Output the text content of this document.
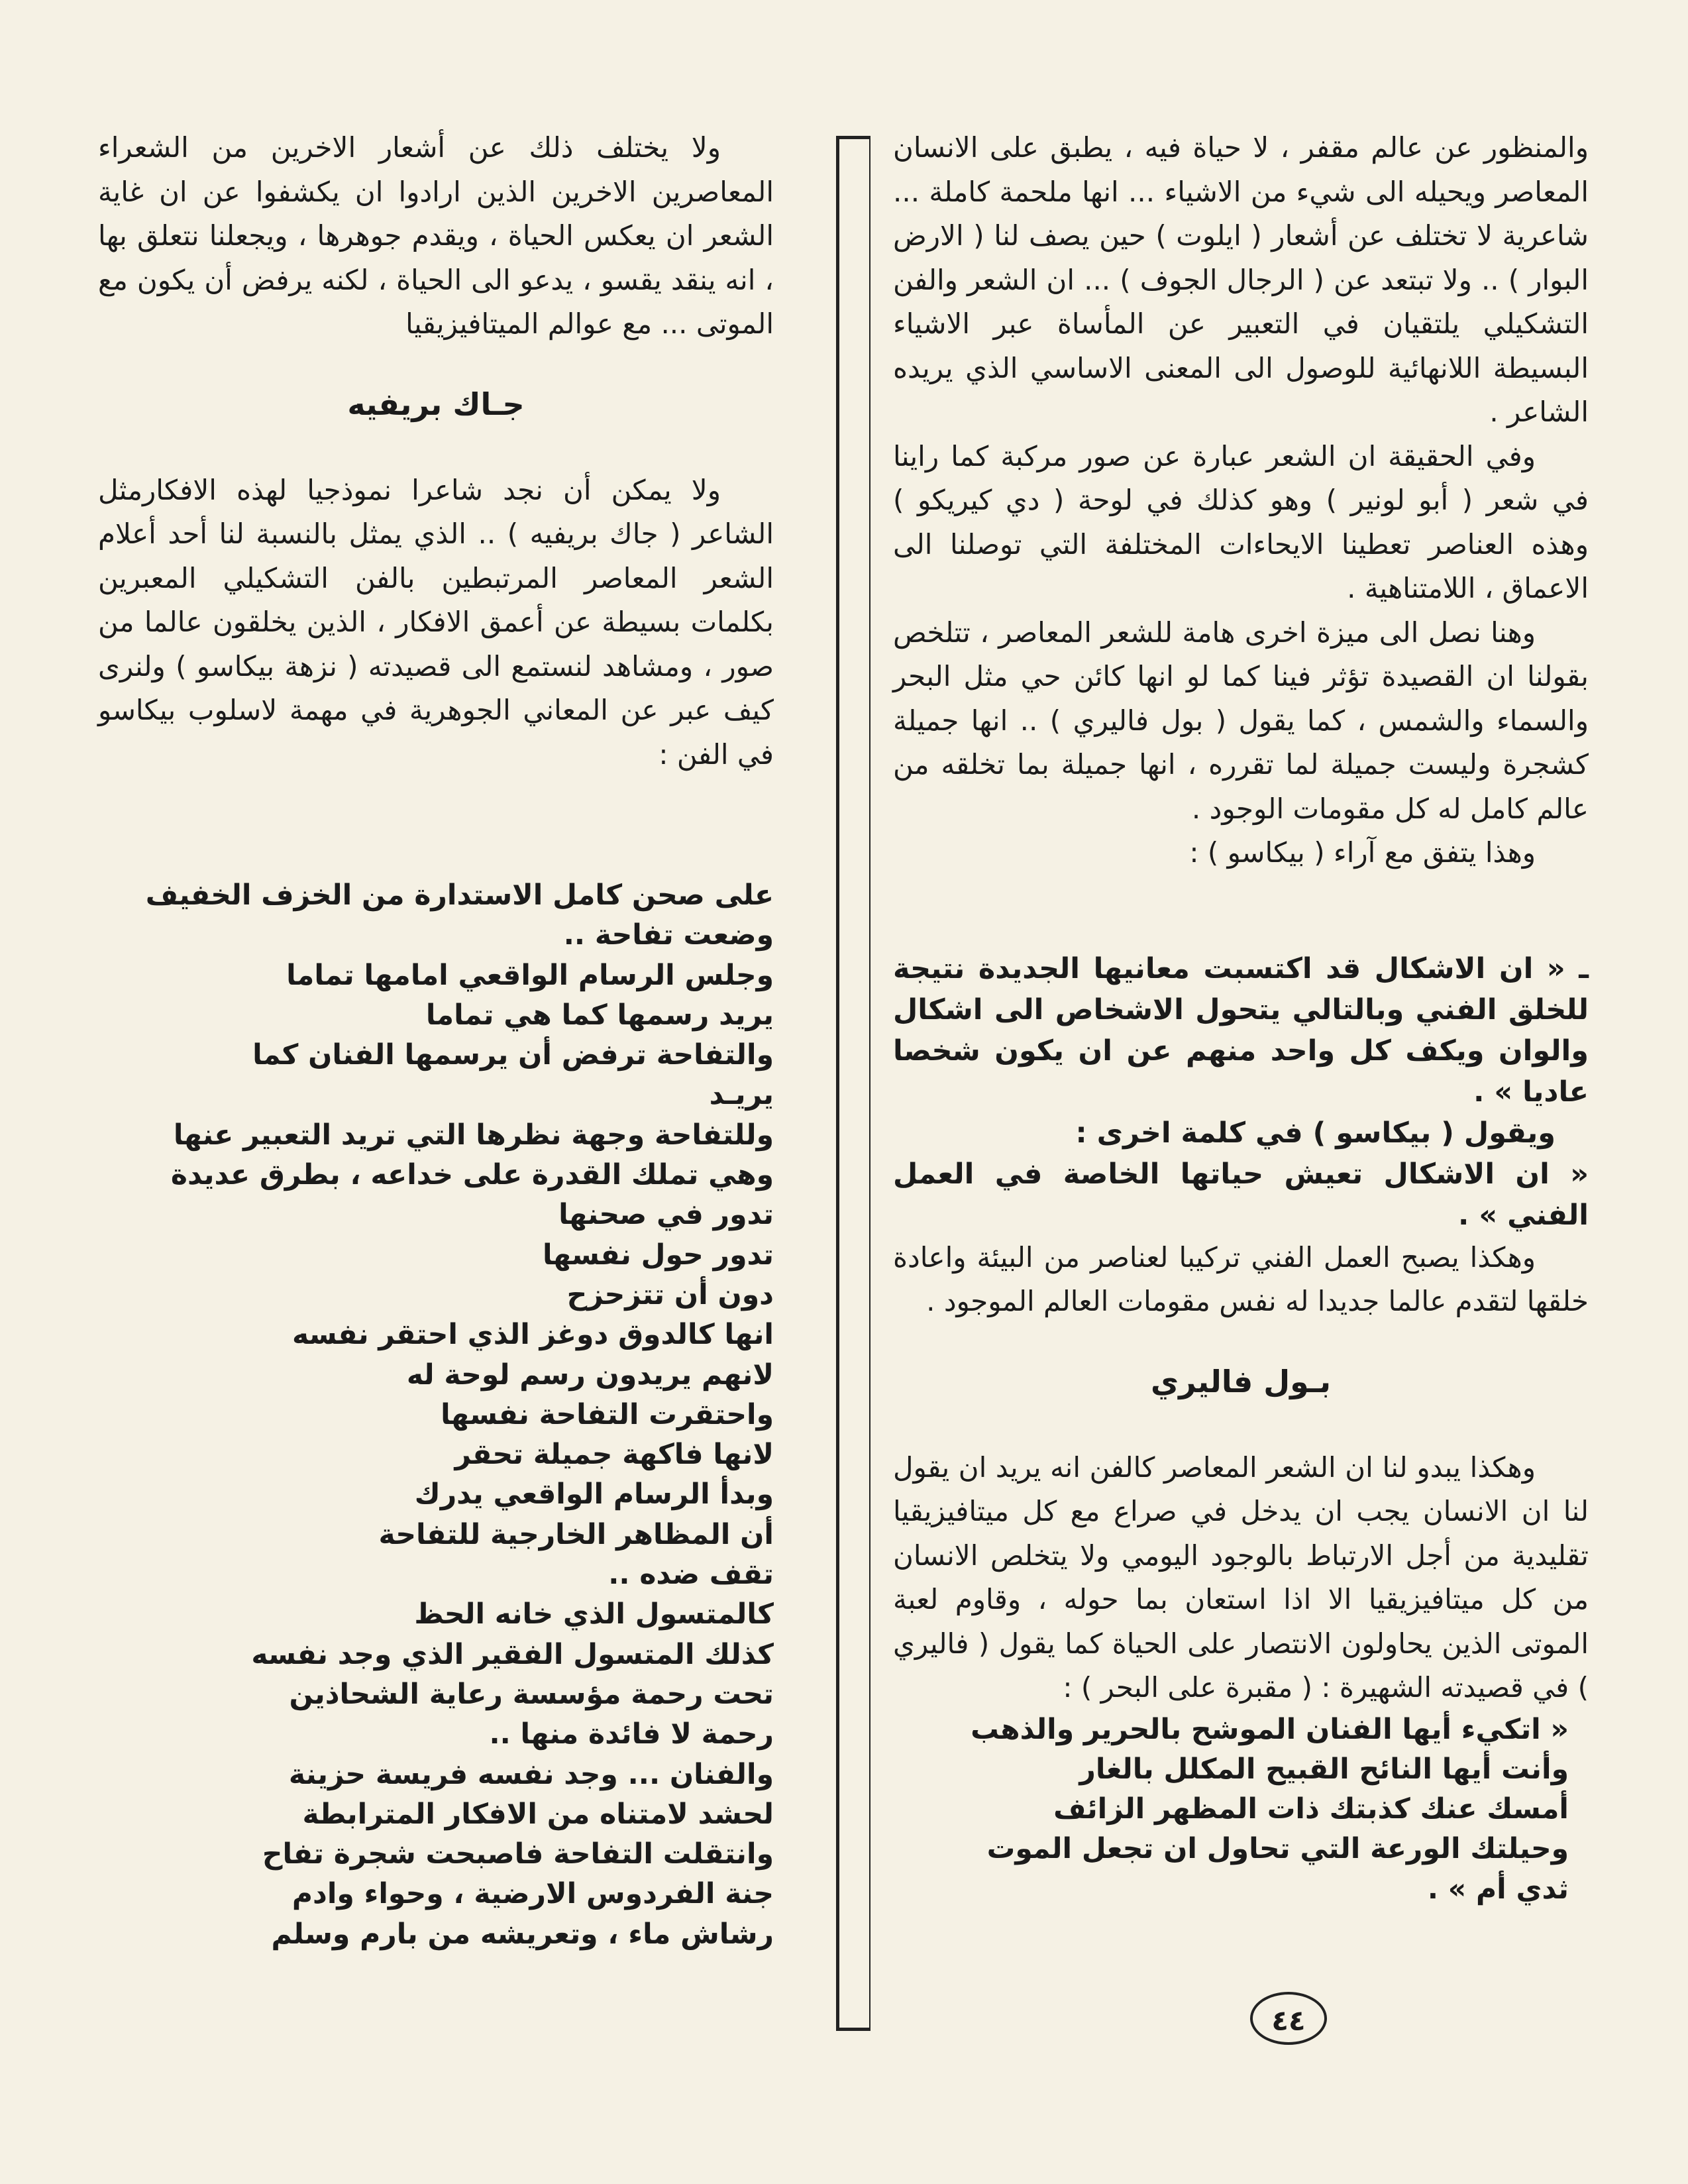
والمنظور عن عالم مقفر ، لا حياة فيه ، يطبق على الانسان المعاصر ويحيله الى شيء من الاشياء ... انها ملحمة كاملة ... شاعرية لا تختلف عن أشعار ( ايلوت ) حين يصف لنا ( الارض البوار ) .. ولا تبتعد عن ( الرجال الجوف ) ... ان الشعر والفن التشكيلي يلتقيان في التعبير عن المأساة عبر الاشياء البسيطة اللانهائية للوصول الى المعنى الاساسي الذي يريده الشاعر .

وفي الحقيقة ان الشعر عبارة عن صور مركبة كما راينا في شعر ( أبو لونير ) وهو كذلك في لوحة ( دي كيريكو ) وهذه العناصر تعطينا الايحاءات المختلفة التي توصلنا الى الاعماق ، اللامتناهية .

وهنا نصل الى ميزة اخرى هامة للشعر المعاصر ، تتلخص بقولنا ان القصيدة تؤثر فينا كما لو انها كائن حي مثل البحر والسماء والشمس ، كما يقول ( بول فاليري ) .. انها جميلة كشجرة وليست جميلة لما تقرره ، انها جميلة بما تخلقه من عالم كامل له كل مقومات الوجود .

وهذا يتفق مع آراء ( بيكاسو ) :

ـ « ان الاشكال قد اكتسبت معانيها الجديدة نتيجة للخلق الفني وبالتالي يتحول الاشخاص الى اشكال والوان ويكف كل واحد منهم عن ان يكون شخصا عاديا » .

ويقول ( بيكاسو ) في كلمة اخرى :

« ان الاشكال تعيش حياتها الخاصة في العمل الفني » .

وهكذا يصبح العمل الفني تركيبا لعناصر من البيئة واعادة خلقها لتقدم عالما جديدا له نفس مقومات العالم الموجود .

بـول فاليري

وهكذا يبدو لنا ان الشعر المعاصر كالفن انه يريد ان يقول لنا ان الانسان يجب ان يدخل في صراع مع كل ميتافيزيقيا تقليدية من أجل الارتباط بالوجود اليومي ولا يتخلص الانسان من كل ميتافيزيقيا الا اذا استعان بما حوله ، وقاوم لعبة الموتى الذين يحاولون الانتصار على الحياة كما يقول ( فاليري ) في قصيدته الشهيرة : ( مقبرة على البحر ) :

« اتكيء أيها الفنان الموشح بالحرير والذهب

وأنت أيها النائح القبيح المكلل بالغار

أمسك عنك كذبتك ذات المظهر الزائف

وحيلتك الورعة التي تحاول ان تجعل الموت

ثدي أم » .

ولا يختلف ذلك عن أشعار الاخرين من الشعراء المعاصرين الاخرين الذين ارادوا ان يكشفوا عن ان غاية الشعر ان يعكس الحياة ، ويقدم جوهرها ، ويجعلنا نتعلق بها ، انه ينقد يقسو ، يدعو الى الحياة ، لكنه يرفض أن يكون مع الموتى ... مع عوالم الميتافيزيقيا

جـاك بريفيه

ولا يمكن أن نجد شاعرا نموذجيا لهذه الافكارمثل الشاعر ( جاك بريفيه ) .. الذي يمثل بالنسبة لنا أحد أعلام الشعر المعاصر المرتبطين بالفن التشكيلي المعبرين بكلمات بسيطة عن أعمق الافكار ، الذين يخلقون عالما من صور ، ومشاهد لنستمع الى قصيدته ( نزهة بيكاسو ) ولنرى كيف عبر عن المعاني الجوهرية في مهمة لاسلوب بيكاسو في الفن :

على صحن كامل الاستدارة من الخزف الخفيف

وضعت تفاحة ..

وجلس الرسام الواقعي امامها تماما

يريد رسمها كما هي تماما

والتفاحة ترفض أن يرسمها الفنان كما

يريـد

وللتفاحة وجهة نظرها التي تريد التعبير عنها

وهي تملك القدرة على خداعه ، بطرق عديدة

تدور في صحنها

تدور حول نفسها

دون أن تتزحزح

انها كالدوق دوغز الذي احتقر نفسه

لانهم يريدون رسم لوحة له

واحتقرت التفاحة نفسها

لانها فاكهة جميلة تحقر

وبدأ الرسام الواقعي يدرك

أن المظاهر الخارجية للتفاحة

تقف ضده ..

كالمتسول الذي خانه الحظ

كذلك المتسول الفقير الذي وجد نفسه

تحت رحمة مؤسسة رعاية الشحاذين

رحمة لا فائدة منها ..

والفنان ... وجد نفسه فريسة حزينة

لحشد لامتناه من الافكار المترابطة

وانتقلت التفاحة فاصبحت شجرة تفاح

جنة الفردوس الارضية ، وحواء وادم

رشاش ماء ، وتعريشه من بارم وسلم

٤٤
